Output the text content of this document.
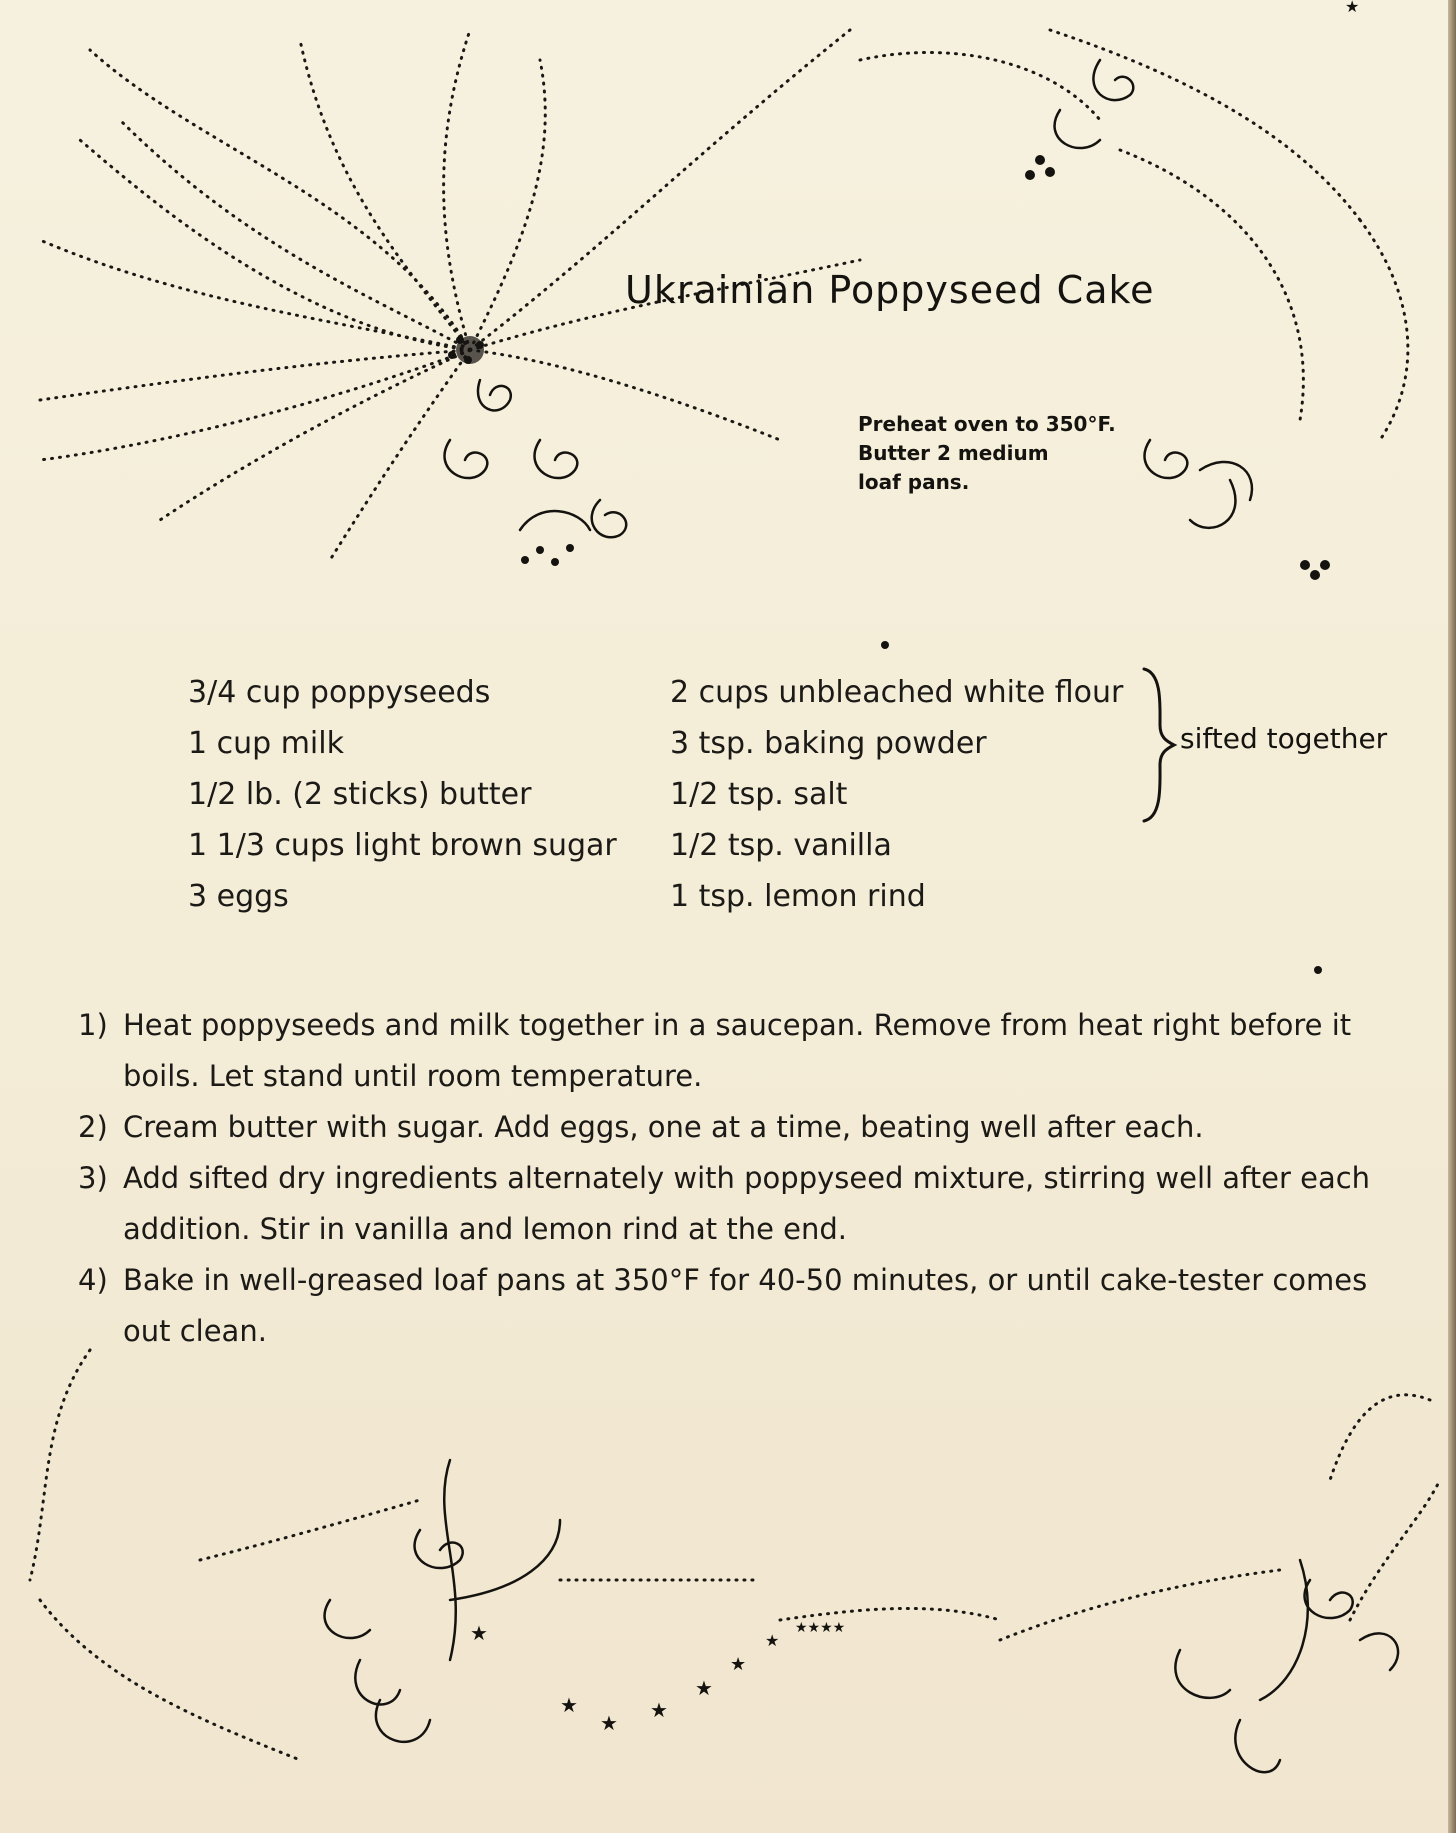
★
★
★
★
★
★
★★★★
★
★
Ukrainian Poppyseed Cake
Preheat oven to 350°F.
Butter 2 medium
loaf pans.
3/4 cup poppyseeds
1 cup milk
1/2 lb. (2 sticks) butter
1 1/3 cups light brown sugar
3 eggs
2 cups unbleached white flour
3 tsp. baking powder
1/2 tsp. salt
1/2 tsp. vanilla
1 tsp. lemon rind
sifted together
1) Heat poppyseeds and milk together in a saucepan. Remove from heat right before it boils. Let stand until room temperature.
2) Cream butter with sugar. Add eggs, one at a time, beating well after each.
3) Add sifted dry ingredients alternately with poppyseed mixture, stirring well after each addition. Stir in vanilla and lemon rind at the end.
4) Bake in well-greased loaf pans at 350°F for 40-50 minutes, or until cake-tester comes out clean.
